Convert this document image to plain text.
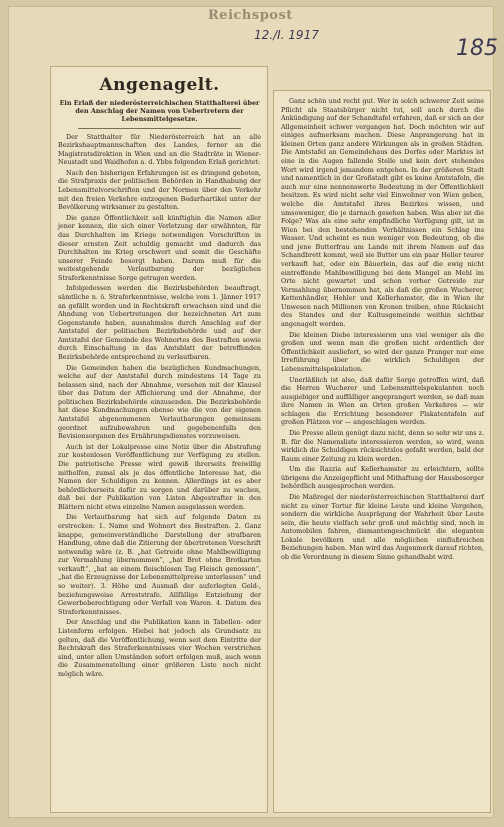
Reichspost
12./I. 1917
185
Angenagelt.
Ein Erlaß der niederösterreichischen Statthalterei über den Anschlag der Namen von Uebertretern der Lebensmittelgesetze.

Der Statthalter für Niederösterreich hat an alle Bezirkshauptmannschaften des Landes, ferner an die Magistratsdirektion in Wien und an die Stadträte in Wiener-Neustadt und Waidhofen a. d. Ybbs folgenden Erlaß gerichtet:

Nach den bisherigen Erfahrungen ist es dringend geboten, die Strafpraxis der politischen Behörden in Handhabung der Lebensmittelvorschriften und der Normen über den Verkehr mit den freien Verkehre entzogenen Bedarfsartikel unter der Bevölkerung wirksamer zu gestalten.

Die ganze Öffentlichkeit soll künftighin die Namen aller jener kennen, die sich einer Verletzung der erwähnten, für das Durchhalten im Kriege notwendigen Vorschriften in dieser ernsten Zeit schuldig gemacht und dadurch das Durchhalten im Krieg erschwert und somit die Geschäfte unserer Feinde besorgt haben. Darum muß für die weitestgehende Verlautbarung der bezüglichen Straferkenntnisse Sorge getragen werden.

Infolgedessen werden die Bezirksbehörden beauftragt, sämtliche n. ö. Straferkenntnisse, welche vom 1. Jänner 1917 an gefällt worden und in Rechtskraft erwachsen sind und die Ahndung von Uebertretungen der bezeichneten Art zum Gegenstande haben, ausnahmslos durch Anschlag auf der Amtstafel der politischen Bezirksbehörde und auf der Amtstafel der Gemeinde des Wohnortes des Bestraften sowie durch Einschaltung in das Amtsblatt der betreffenden Bezirksbehörde entsprechend zu verlautbaren.

Die Gemeinden haben die bezüglichen Kundmachungen, welche auf der Amtstafel durch mindestens 14 Tage zu belassen sind, nach der Abnahme, versehen mit der Klausel über das Datum der Affichierung und der Abnahme, der politischen Bezirksbehörde einzusenden. Die Bezirksbehörde hat diese Kundmachungen ebenso wie die von der eigenen Amtstafel abgenommenen Verlautbarungen gemeinsam geordnet aufzubewahren und gegebenenfalls den Revisionsorganen des Ernährungsdienstes vorzuweisen.

Auch ist der Lokalpresse eine Notiz über die Abstrafung zur kostenlosen Veröffentlichung zur Verfügung zu stellen. Die patriotische Presse wird gewiß ihrerseits freiwillig mithelfen, zumal als je das öffentliche Interesse hat, die Namen der Schuldigen zu kennen. Allerdings ist es aber behördlicherseits dafür zu sorgen und darüber zu wachen, daß bei der Publikation von Listen Abgestrafter in den Blättern nicht etwa einzelne Namen ausgelassen werden.

Die Verlautbarung hat sich auf folgende Daten zu erstrecken: 1. Name und Wohnort des Bestraften. 2. Ganz knappe, gemeinverständliche Darstellung der strafbaren Handlung, ohne daß die Zitierung der übertretenen Vorschrift notwendig wäre (z. B. „hat Getreide ohne Mahlbewilligung zur Vermahlung übernommen“, „hat Brot ohne Brotkarten verkauft“, „hat an einem fleischlosen Tag Fleisch genossen“, „hat die Erzeugnisse der Lebensmittelpreise unterlassen“ und so weiter). 3. Höhe und Ausmaß der auferlegten Geld-, beziehungsweise Arreststrafe. Allfällige Entziehung der Gewerbeberechtigung oder Verfall von Waren. 4. Datum des Straferkenntnisses.

Der Anschlag und die Publikation kann in Tabellen- oder Listenform erfolgen. Hiebei hat jedoch als Grundsatz zu gelten, daß die Veröffentlichung, wenn seit dem Eintritte der Rechtskraft des Straferkenntnisses vier Wochen verstrichen sind, unter allen Umständen sofort erfolgen muß, auch wenn die Zusammenstellung einer größeren Liste noch nicht möglich wäre.

Ganz schön und recht gut. Wer in solch schwerer Zeit seine Pflicht als Staatsbürger nicht tut, soll auch durch die Ankündigung auf der Schandtafel erfahren, daß er sich an der Allgemeinheit schwer vergangen hat. Doch möchten wir auf einiges aufmerksam machen. Diese Anprangerung hat in kleinen Orten ganz andere Wirkungen als in großen Städten. Die Amtstafel an Gemeindehaus des Dorfes oder Marktes ist eine in die Augen fallende Stelle und kein dort stehendes Wort wird irgend jemandem entgehen. In der größeren Stadt und namentlich in der Großstadt gibt es keine Amtstafeln, die auch nur eine nennenswerte Bedeutung in der Öffentlichkeit besitzen. Es wird nicht sehr viel Einwohner von Wien geben, welche die Amtstafel ihres Bezirkes wissen, und umsoweniger, die je darnach gesehen haben. Was aber ist die Folge? Was als eine sehr empfindliche Verfügung gilt, ist in Wien bei den bestehenden Verhältnissen ein Schlag ins Wasser. Und scheint es nun weniger von Bedeutung, ob die und jene Butterfrau am Lande mit ihrem Namen auf das Schandbrett kommt, weil sie Butter um ein paar Heller teurer verkauft hat, oder ein Bäuerlein, das auf die ewig nicht eintreffende Mahlbewilligung bei dem Mangel an Mehl im Orte nicht gewartet und schon vorher Getreide zur Vermahlung übernommen hat, als daß die großen Wucherer, Kettenhändler, Hehler und Kellerhamster, die in Wien ihr Unwesen nach Millionen von Kronen treiben, ohne Rücksicht des Standes und der Kultusgemeinde weithin sichtbar angenagelt werden.

Die kleinen Diebe interessieren uns viel weniger als die großen und wenn man die großen nicht ordentlich der Öffentlichkeit ausliefert, so wird der ganze Pranger nur eine Irreführung über die wirklich Schuldigen der Lebensmittelspekulation.

Unerläßlich ist also, daß dafür Sorge getroffen wird, daß die Herren Wucherer und Lebensmittelspekulanten noch ausgiebiger und auffälliger angeprangert werden, so daß man ihre Namen in Wien an Orten großen Verkehres — wir schlagen die Errichtung besonderer Plakatentafeln auf großen Plätzen vor — angeschlagen werden.

Die Presse allein genügt dazu nicht, denn so sehr wir uns z. B. für die Namensliste interessieren werden, so wird, wenn wirklich die Schuldigen rücksichtslos gefaßt werden, bald der Raum einer Zeitung zu klein werden.

Um die Razzia auf Kellerhamster zu erleichtern, sollte übrigens die Anzeigepflicht und Mithaftung der Hausbesorger behördlich ausgesprochen werden.

Die Maßregel der niederösterreichischen Statthalterei darf nicht zu einer Tortur für kleine Leute und kleine Vergehen, sondern die wirkliche Ausprägung der Wahrheit über Leute sein, die heute vielfach sehr groß und mächtig sind, noch in Automobilen fahren, diamantengeschmückt die eleganten Lokale bevölkern und alle möglichen einflußreichen Beziehungen haben. Man wird das Augenmerk darauf richten, ob die Verordnung in diesem Sinne gehandhabt wird.
